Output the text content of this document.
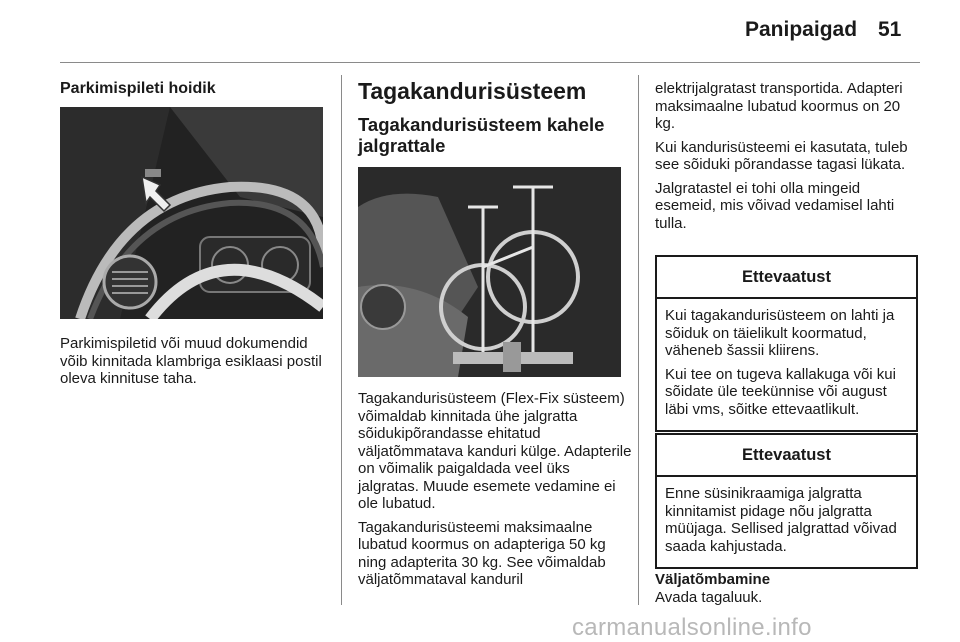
Panipaigad 51
Parkimispileti hoidik

Parkimispiletid või muud dokumendid võib kinnitada klambriga esiklaasi postil oleva kinnituse taha.

Tagakandurisüsteem
Tagakandurisüsteem kahele jalgrattale

Tagakandurisüsteem (Flex-Fix süsteem) võimaldab kinnitada ühe jalgratta sõidukipõrandasse ehitatud väljatõmmatava kanduri külge. Adapterile on võimalik paigaldada veel üks jalgratas. Muude esemete vedamine ei ole lubatud.

Tagakandurisüsteemi maksimaalne lubatud koormus on adapteriga 50 kg ning adapterita 30 kg. See võimaldab väljatõmmataval kanduril

elektrijalgratast transportida. Adapteri maksimaalne lubatud koormus on 20 kg.

Kui kandurisüsteemi ei kasutata, tuleb see sõiduki põrandasse tagasi lükata.

Jalgratastel ei tohi olla mingeid esemeid, mis võivad vedamisel lahti tulla.

Ettevaatust

Kui tagakandurisüsteem on lahti ja sõiduk on täielikult koormatud, väheneb šassii kliirens.

Kui tee on tugeva kallakuga või kui sõidate üle teekünnise või august läbi vms, sõitke ettevaatlikult.

Ettevaatust

Enne süsinikraamiga jalgratta kinnitamist pidage nõu jalgratta müüjaga. Sellised jalgrattad võivad saada kahjustada.

Väljatõmbamine
Avada tagaluuk.
carmanualsonline.info
